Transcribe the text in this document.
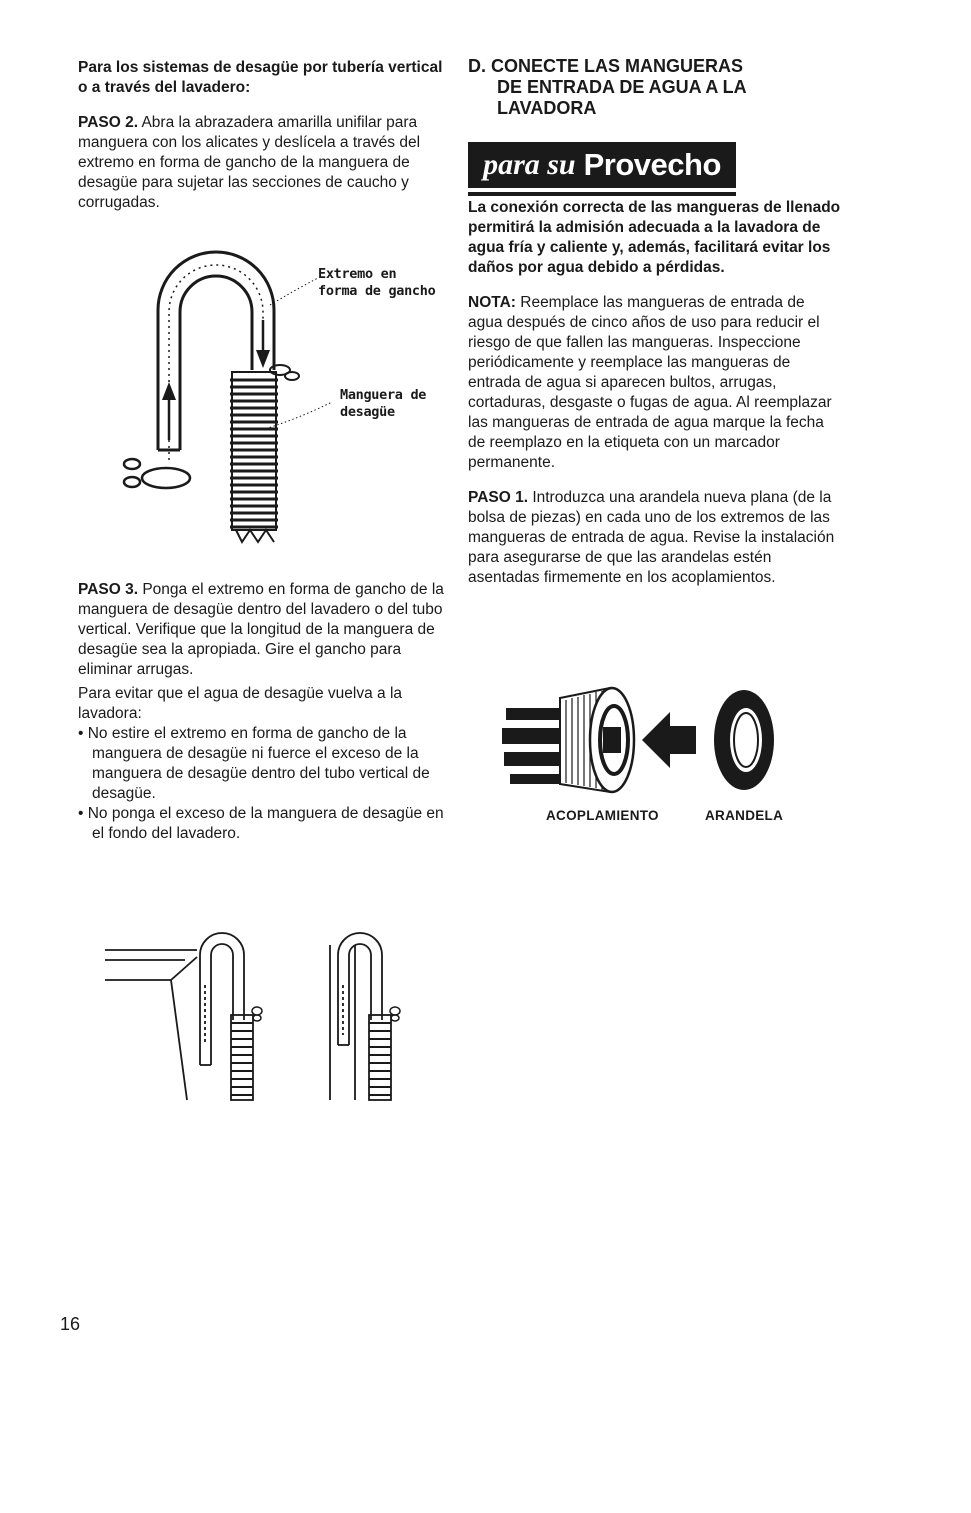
Para los sistemas de desagüe por tubería vertical o a través del lavadero:

PASO 2. Abra la abrazadera amarilla unifilar para manguera con los alicates y deslícela a través del extremo en forma de gancho de la manguera de desagüe para sujetar las secciones de caucho y corrugadas.

Extremo en
forma de gancho
Manguera de
desagüe

PASO 3. Ponga el extremo en forma de gancho de la manguera de desagüe dentro del lavadero o del tubo vertical. Verifique que la longitud de la manguera de desagüe sea la apropiada. Gire el gancho para eliminar arrugas.

Para evitar que el agua de desagüe vuelva a la lavadora:

• No estire el extremo en forma de gancho de la manguera de desagüe ni fuerce el exceso de la manguera de desagüe dentro del tubo vertical de desagüe.

• No ponga el exceso de la manguera de desagüe en el fondo del lavadero.

D. CONECTE LAS MANGUERAS
DE ENTRADA DE AGUA A LA
LAVADORA
para su Provecho

La conexión correcta de las mangueras de llenado permitirá la admisión adecuada a la lavadora de agua fría y caliente y, además, facilitará evitar los daños por agua debido a pérdidas.

NOTA: Reemplace las mangueras de entrada de agua después de cinco años de uso para reducir el riesgo de que fallen las mangueras. Inspeccione periódicamente y reemplace las mangueras de entrada de agua si aparecen bultos, arrugas, cortaduras, desgaste o fugas de agua. Al reemplazar las mangueras de entrada de agua marque la fecha de reemplazo en la etiqueta con un marcador permanente.

PASO 1. Introduzca una arandela nueva plana (de la bolsa de piezas) en cada uno de los extremos de las mangueras de entrada de agua. Revise la instalación para asegurarse de que las arandelas estén asentadas firmemente en los acoplamientos.

ACOPLAMIENTO	ARANDELA
16
